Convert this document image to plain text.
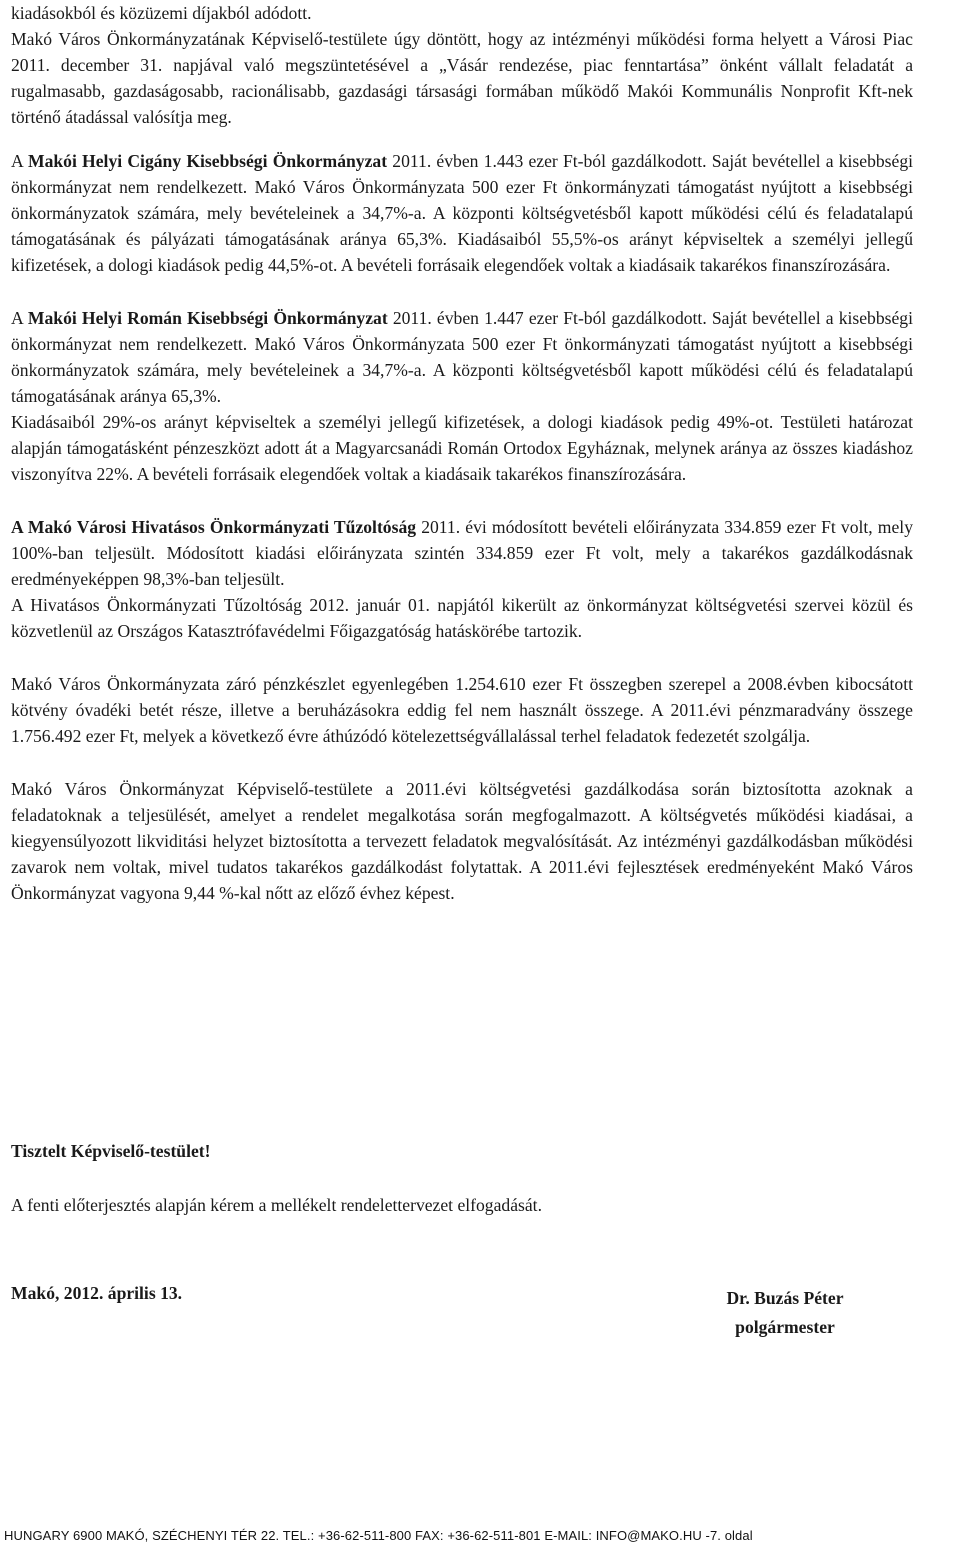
kiadásokból és közüzemi díjakból adódott.

Makó Város Önkormányzatának Képviselő-testülete úgy döntött, hogy az intézményi működési forma helyett a Városi Piac 2011. december 31. napjával való megszüntetésével a „Vásár rendezése, piac fenntartása” önként vállalt feladatát a rugalmasabb, gazdaságosabb, racionálisabb, gazdasági társasági formában működő Makói Kommunális Nonprofit Kft-nek történő átadással valósítja meg.

A Makói Helyi Cigány Kisebbségi Önkormányzat 2011. évben 1.443 ezer Ft-ból gazdálkodott. Saját bevétellel a kisebbségi önkormányzat nem rendelkezett. Makó Város Önkormányzata 500 ezer Ft önkormányzati támogatást nyújtott a kisebbségi önkormányzatok számára, mely bevételeinek a 34,7%-a. A központi költségvetésből kapott működési célú és feladatalapú támogatásának és pályázati támogatásának aránya 65,3%. Kiadásaiból 55,5%-os arányt képviseltek a személyi jellegű kifizetések, a dologi kiadások pedig 44,5%-ot. A bevételi forrásaik elegendőek voltak a kiadásaik takarékos finanszírozására.

A Makói Helyi Román Kisebbségi Önkormányzat 2011. évben 1.447 ezer Ft-ból gazdálkodott. Saját bevétellel a kisebbségi önkormányzat nem rendelkezett. Makó Város Önkormányzata 500 ezer Ft önkormányzati támogatást nyújtott a kisebbségi önkormányzatok számára, mely bevételeinek a 34,7%-a. A központi költségvetésből kapott működési célú és feladatalapú támogatásának aránya 65,3%.

Kiadásaiból 29%-os arányt képviseltek a személyi jellegű kifizetések, a dologi kiadások pedig 49%-ot. Testületi határozat alapján támogatásként pénzeszközt adott át a Magyarcsanádi Román Ortodox Egyháznak, melynek aránya az összes kiadáshoz viszonyítva 22%. A bevételi forrásaik elegendőek voltak a kiadásaik takarékos finanszírozására.

A Makó Városi Hivatásos Önkormányzati Tűzoltóság 2011. évi módosított bevételi előirányzata 334.859 ezer Ft volt, mely 100%-ban teljesült. Módosított kiadási előirányzata szintén 334.859 ezer Ft volt, mely a takarékos gazdálkodásnak eredményeképpen 98,3%-ban teljesült.

A Hivatásos Önkormányzati Tűzoltóság 2012. január 01. napjától kikerült az önkormányzat költségvetési szervei közül és közvetlenül az Országos Katasztrófavédelmi Főigazgatóság hatáskörébe tartozik.

Makó Város Önkormányzata záró pénzkészlet egyenlegében 1.254.610 ezer Ft összegben szerepel a 2008.évben kibocsátott kötvény óvadéki betét része, illetve a beruházásokra eddig fel nem használt összege. A 2011.évi pénzmaradvány összege 1.756.492 ezer Ft, melyek a következő évre áthúzódó kötelezettségvállalással terhel feladatok fedezetét szolgálja.

Makó Város Önkormányzat Képviselő-testülete a 2011.évi költségvetési gazdálkodása során biztosította azoknak a feladatoknak a teljesülését, amelyet a rendelet megalkotása során megfogalmazott. A költségvetés működési kiadásai, a kiegyensúlyozott likviditási helyzet biztosította a tervezett feladatok megvalósítását. Az intézményi gazdálkodásban működési zavarok nem voltak, mivel tudatos takarékos gazdálkodást folytattak. A 2011.évi fejlesztések eredményeként Makó Város Önkormányzat vagyona 9,44 %-kal nőtt az előző évhez képest.

Tisztelt Képviselő-testület!

A fenti előterjesztés alapján kérem a mellékelt rendelettervezet elfogadását.

Makó, 2012. április 13.	Dr. Buzás Péter
polgármester
HUNGARY 6900 MAKÓ, SZÉCHENYI TÉR 22. TEL.: +36-62-511-800 FAX: +36-62-511-801 E-MAIL: INFO@MAKO.HU -7. oldal
